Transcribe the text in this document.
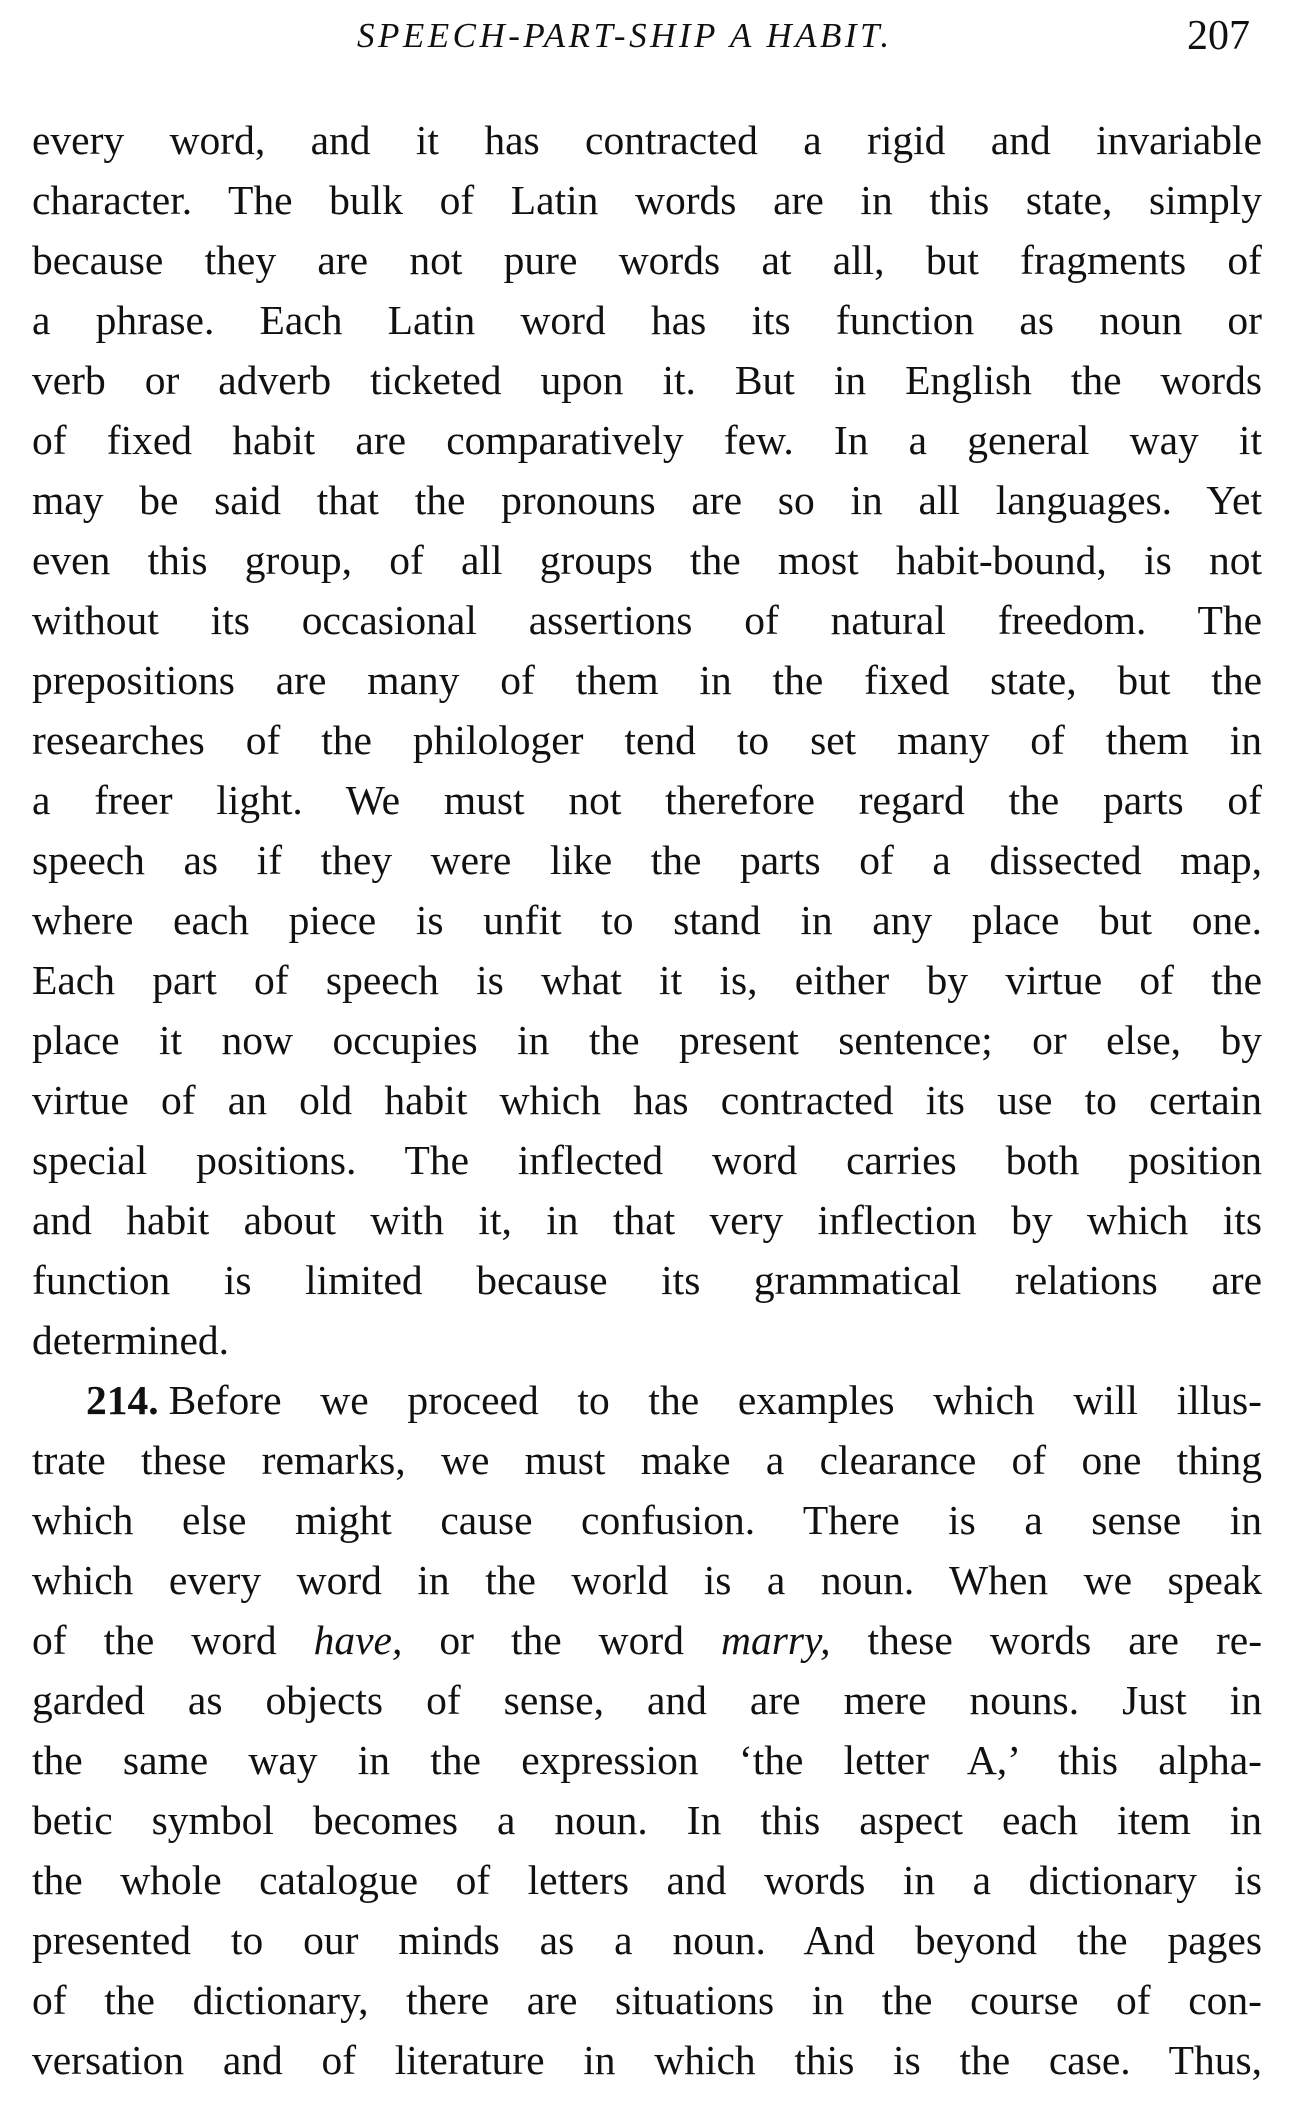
SPEECH-PART-SHIP A HABIT.	207
every word, and it has contracted a rigid and invariable
character. The bulk of Latin words are in this state, simply
because they are not pure words at all, but fragments of
a phrase. Each Latin word has its function as noun or
verb or adverb ticketed upon it. But in English the words
of fixed habit are comparatively few. In a general way it
may be said that the pronouns are so in all languages. Yet
even this group, of all groups the most habit-bound, is not
without its occasional assertions of natural freedom. The
prepositions are many of them in the fixed state, but the
researches of the philologer tend to set many of them in
a freer light. We must not therefore regard the parts of
speech as if they were like the parts of a dissected map,
where each piece is unfit to stand in any place but one.
Each part of speech is what it is, either by virtue of the
place it now occupies in the present sentence; or else, by
virtue of an old habit which has contracted its use to certain
special positions. The inflected word carries both position
and habit about with it, in that very inflection by which its
function is limited because its grammatical relations are
determined.
214. Before we proceed to the examples which will illus-
trate these remarks, we must make a clearance of one thing
which else might cause confusion. There is a sense in
which every word in the world is a noun. When we speak
of the word have, or the word marry, these words are re-
garded as objects of sense, and are mere nouns. Just in
the same way in the expression ‘the letter A,’ this alpha-
betic symbol becomes a noun. In this aspect each item in
the whole catalogue of letters and words in a dictionary is
presented to our minds as a noun. And beyond the pages
of the dictionary, there are situations in the course of con-
versation and of literature in which this is the case. Thus,
